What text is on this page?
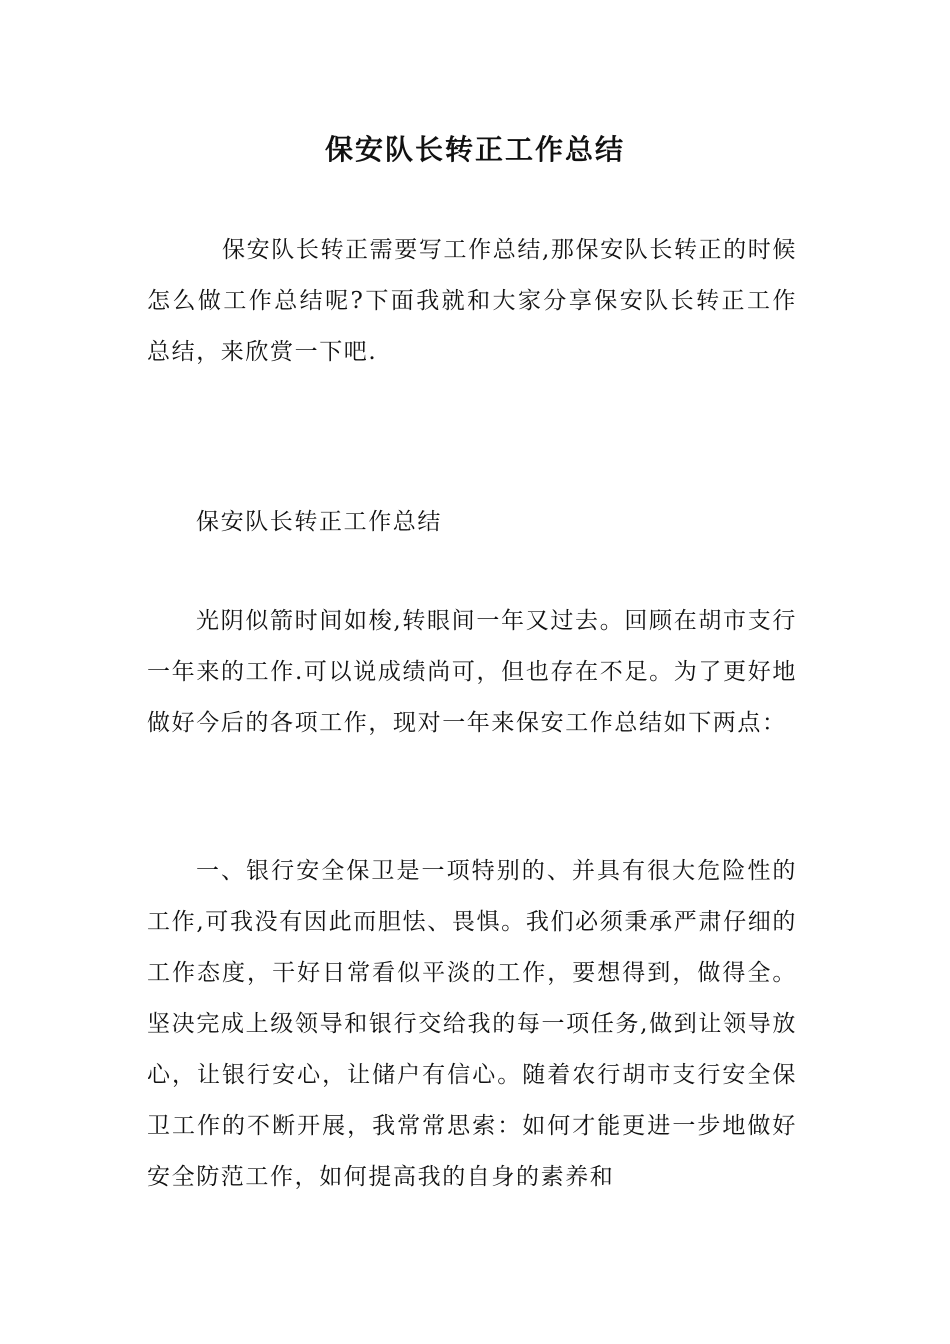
保安队长转正工作总结

保安队长转正需要写工作总结,那保安队长转正的时候怎么做工作总结呢?下面我就和大家分享保安队长转正工作总结，来欣赏一下吧.

保安队长转正工作总结

光阴似箭时间如梭,转眼间一年又过去。回顾在胡市支行一年来的工作.可以说成绩尚可，但也存在不足。为了更好地做好今后的各项工作，现对一年来保安工作总结如下两点：

一、银行安全保卫是一项特别的、并具有很大危险性的工作,可我没有因此而胆怯、畏惧。我们必须秉承严肃仔细的工作态度，干好日常看似平淡的工作，要想得到，做得全。坚决完成上级领导和银行交给我的每一项任务,做到让领导放心，让银行安心，让储户有信心。随着农行胡市支行安全保卫工作的不断开展，我常常思索：如何才能更进一步地做好安全防范工作，如何提高我的自身的素养和
